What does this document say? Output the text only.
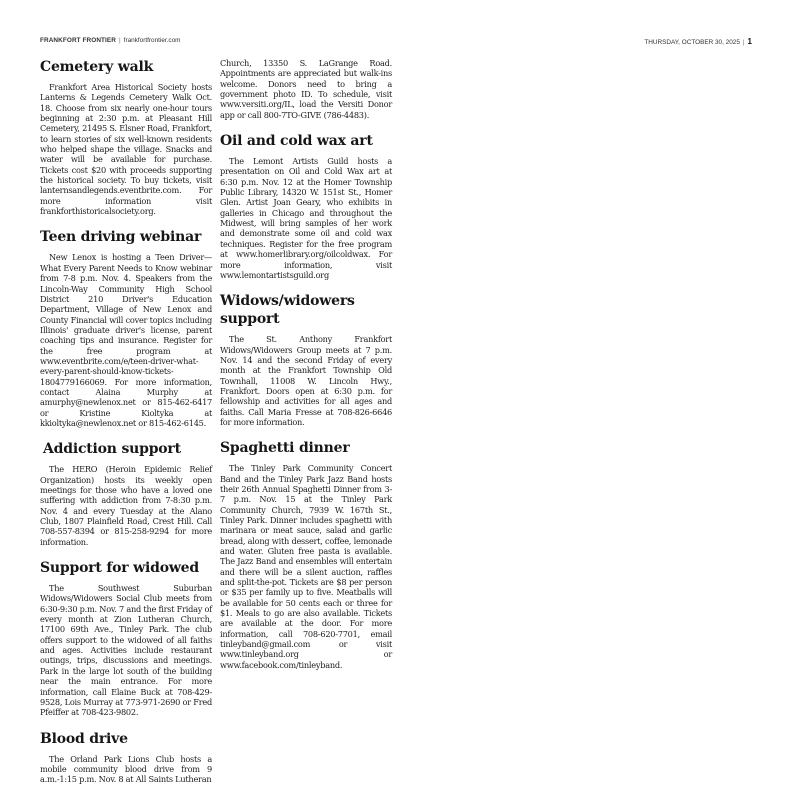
FRANKFORT FRONTIER | frankfortfrontier.com	THURSDAY, OCTOBER 30, 2025 | 1
Cemetery walk

Frankfort Area Historical Society hosts Lanterns & Legends Cemetery Walk Oct. 18. Choose from six nearly one-hour tours beginning at 2:30 p.m. at Pleasant Hill Cemetery, 21495 S. Elsner Road, Frankfort, to learn stories of six well-known residents who helped shape the village. Snacks and water will be available for purchase. Tickets cost $20 with proceeds supporting the historical society. To buy tickets, visit lanternsandlegends.eventbrite.com. For more information visit frankforthistoricalsociety.org.

Teen driving webinar

New Lenox is hosting a Teen Driver—What Every Parent Needs to Know webinar from 7-8 p.m. Nov. 4. Speakers from the Lincoln-Way Community High School District 210 Driver's Education Department, Village of New Lenox and County Financial will cover topics including Illinois' graduate driver's license, parent coaching tips and insurance. Register for the free program at www.eventbrite.com/e/teen-driver-what-every-parent-should-know-tickets-1804779166069. For more information, contact Alaina Murphy at amurphy@newlenox.net or 815-462-6417 or Kristine Kioltyka at kkioltyka@newlenox.net or 815-462-6145.

Addiction support

The HERO (Heroin Epidemic Relief Organization) hosts its weekly open meetings for those who have a loved one suffering with addiction from 7-8:30 p.m. Nov. 4 and every Tuesday at the Alano Club, 1807 Plainfield Road, Crest Hill. Call 708-557-8394 or 815-258-9294 for more information.

Support for widowed

The Southwest Suburban Widows/Widowers Social Club meets from 6:30-9:30 p.m. Nov. 7 and the first Friday of every month at Zion Lutheran Church, 17100 69th Ave., Tinley Park. The club offers support to the widowed of all faiths and ages. Activities include restaurant outings, trips, discussions and meetings. Park in the large lot south of the building near the main entrance. For more information, call Elaine Buck at 708-429-9528, Lois Murray at 773-971-2690 or Fred Pfeiffer at 708-423-9802.

Blood drive

The Orland Park Lions Club hosts a mobile community blood drive from 9 a.m.-1:15 p.m. Nov. 8 at All Saints Lutheran

Church, 13350 S. LaGrange Road. Appointments are appreciated but walk-ins welcome. Donors need to bring a government photo ID. To schedule, visit www.versiti.org/IL, load the Versiti Donor app or call 800-7TO-GIVE (786-4483).

Oil and cold wax art

The Lemont Artists Guild hosts a presentation on Oil and Cold Wax art at 6:30 p.m. Nov. 12 at the Homer Township Public Library, 14320 W. 151st St., Homer Glen. Artist Joan Geary, who exhibits in galleries in Chicago and throughout the Midwest, will bring samples of her work and demonstrate some oil and cold wax techniques. Register for the free program at www.homerlibrary.org/oilcoldwax. For more information, visit www.lemontartistsguild.org

Widows/widowers
support

The St. Anthony Frankfort Widows/Widowers Group meets at 7 p.m. Nov. 14 and the second Friday of every month at the Frankfort Township Old Townhall, 11008 W. Lincoln Hwy., Frankfort. Doors open at 6:30 p.m. for fellowship and activities for all ages and faiths. Call Maria Fresse at 708-826-6646 for more information.

Spaghetti dinner

The Tinley Park Community Concert Band and the Tinley Park Jazz Band hosts their 26th Annual Spaghetti Dinner from 3-7 p.m. Nov. 15 at the Tinley Park Community Church, 7939 W. 167th St., Tinley Park. Dinner includes spaghetti with marinara or meat sauce, salad and garlic bread, along with dessert, coffee, lemonade and water. Gluten free pasta is available. The Jazz Band and ensembles will entertain and there will be a silent auction, raffles and split-the-pot. Tickets are $8 per person or $35 per family up to five. Meatballs will be available for 50 cents each or three for $1. Meals to go are also available. Tickets are available at the door. For more information, call 708-620-7701, email tinleyband@gmail.com or visit www.tinleyband.org or www.facebook.com/tinleyband.
